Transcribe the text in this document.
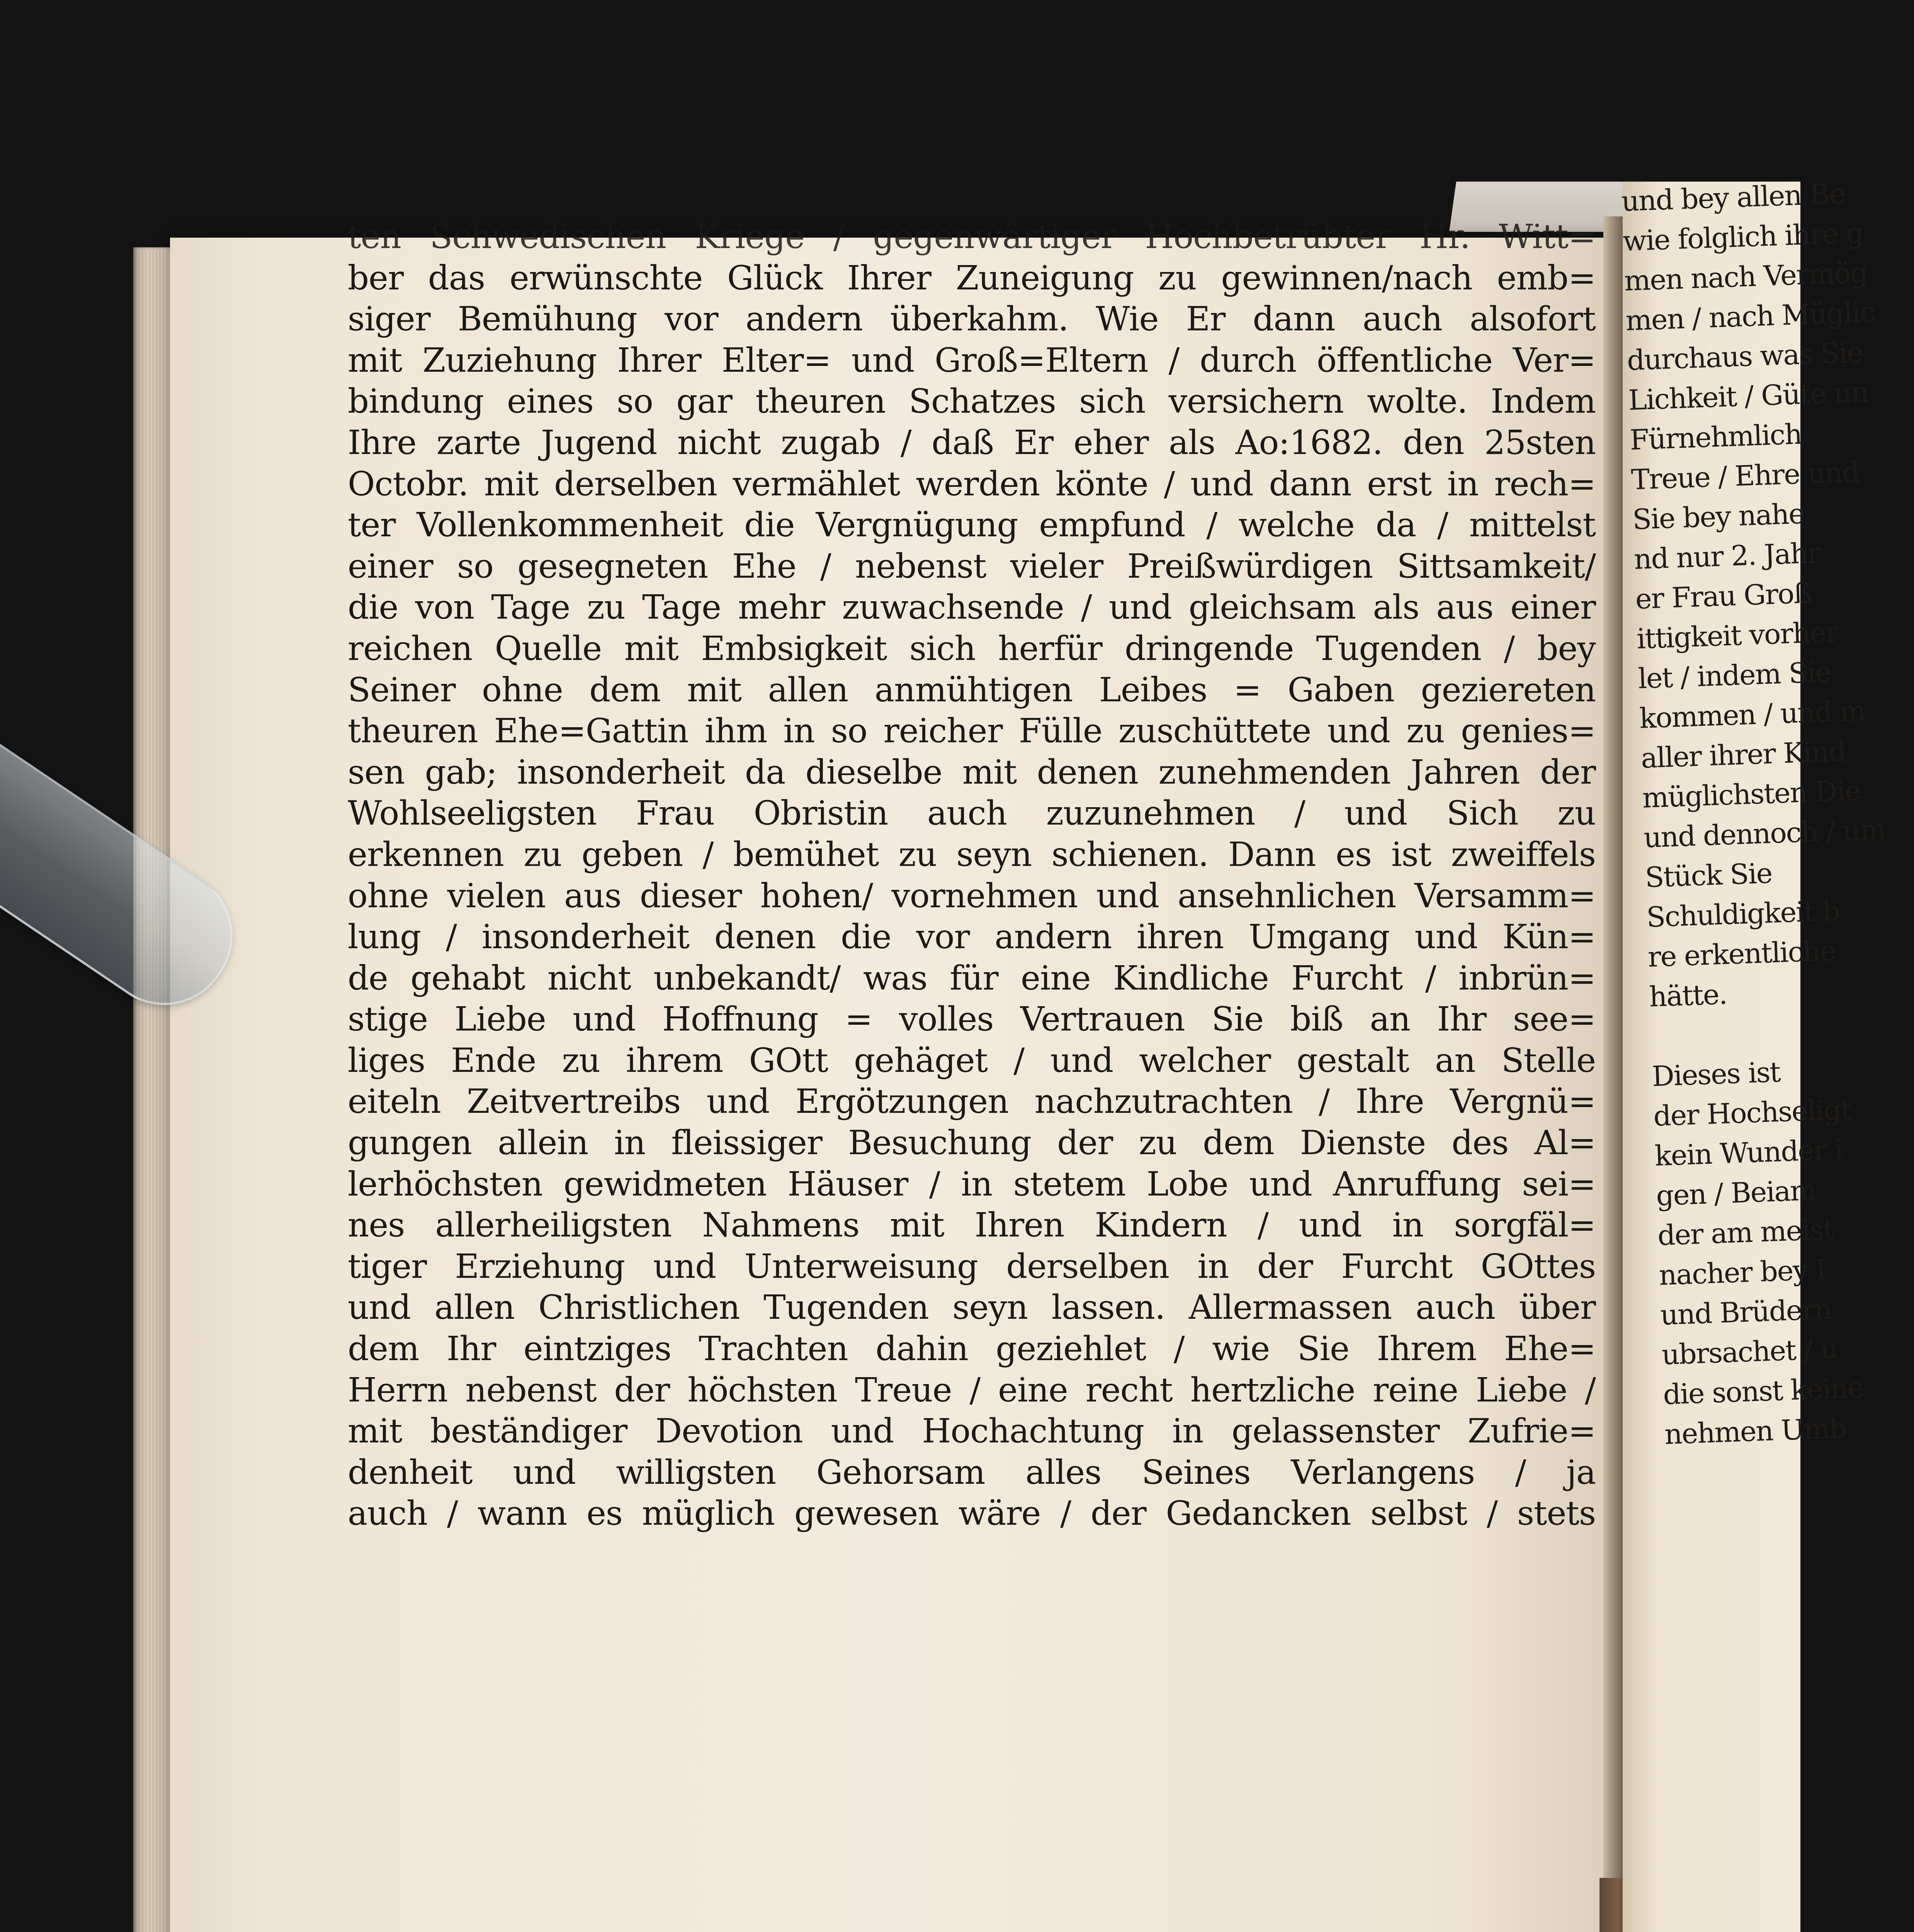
ten Schwedischen Kriege / gegenwärtiger Hochbetrübter Hr. Witt=
ber das erwünschte Glück Ihrer Zuneigung zu gewinnen/nach emb=
siger Bemühung vor andern überkahm. Wie Er dann auch alsofort
mit Zuziehung Ihrer Elter= und Groß=Eltern / durch öffentliche Ver=
bindung eines so gar theuren Schatzes sich versichern wolte. Indem
Ihre zarte Jugend nicht zugab / daß Er eher als Ao:1682. den 25sten
Octobr. mit derselben vermählet werden könte / und dann erst in rech=
ter Vollenkommenheit die Vergnügung empfund / welche da / mittelst
einer so gesegneten Ehe / nebenst vieler Preißwürdigen Sittsamkeit/
die von Tage zu Tage mehr zuwachsende / und gleichsam als aus einer
reichen Quelle mit Embsigkeit sich herfür dringende Tugenden / bey
Seiner ohne dem mit allen anmühtigen Leibes = Gaben geziereten
theuren Ehe=Gattin ihm in so reicher Fülle zuschüttete und zu genies=
sen gab; insonderheit da dieselbe mit denen zunehmenden Jahren der
Wohlseeligsten Frau Obristin auch zuzunehmen / und Sich zu
erkennen zu geben / bemühet zu seyn schienen. Dann es ist zweiffels
ohne vielen aus dieser hohen/ vornehmen und ansehnlichen Versamm=
lung / insonderheit denen die vor andern ihren Umgang und Kün=
de gehabt nicht unbekandt/ was für eine Kindliche Furcht / inbrün=
stige Liebe und Hoffnung = volles Vertrauen Sie biß an Ihr see=
liges Ende zu ihrem GOtt gehäget / und welcher gestalt an Stelle
eiteln Zeitvertreibs und Ergötzungen nachzutrachten / Ihre Vergnü=
gungen allein in fleissiger Besuchung der zu dem Dienste des Al=
lerhöchsten gewidmeten Häuser / in stetem Lobe und Anruffung sei=
nes allerheiligsten Nahmens mit Ihren Kindern / und in sorgfäl=
tiger Erziehung und Unterweisung derselben in der Furcht GOttes
und allen Christlichen Tugenden seyn lassen. Allermassen auch über
dem Ihr eintziges Trachten dahin geziehlet / wie Sie Ihrem Ehe=
Herrn nebenst der höchsten Treue / eine recht hertzliche reine Liebe /
mit beständiger Devotion und Hochachtung in gelassenster Zufrie=
denheit und willigsten Gehorsam alles Seines Verlangens / ja
auch / wann es müglich gewesen wäre / der Gedancken selbst / stets
und bey allen Be
wie folglich ihre g
men nach Vermög
men / nach Müglic
durchaus was Sie
Lichkeit / Güte un
Fürnehmlich
Treue / Ehre und
Sie bey nahe
nd nur 2. Jahr
er Frau Groß
ittigkeit vorher
let / indem Sie
kommen / und m
aller ihrer Kind
müglichsten Die
und dennoch / um
Stück Sie
Schuldigkeit b
re erkentliche
hätte.
Dieses ist
der Hochseligt
kein Wunder i
gen / Beiam
der am meist
nacher bey I
und Brüdern
ubrsachet / u
die sonst keine
nehmen Umb
